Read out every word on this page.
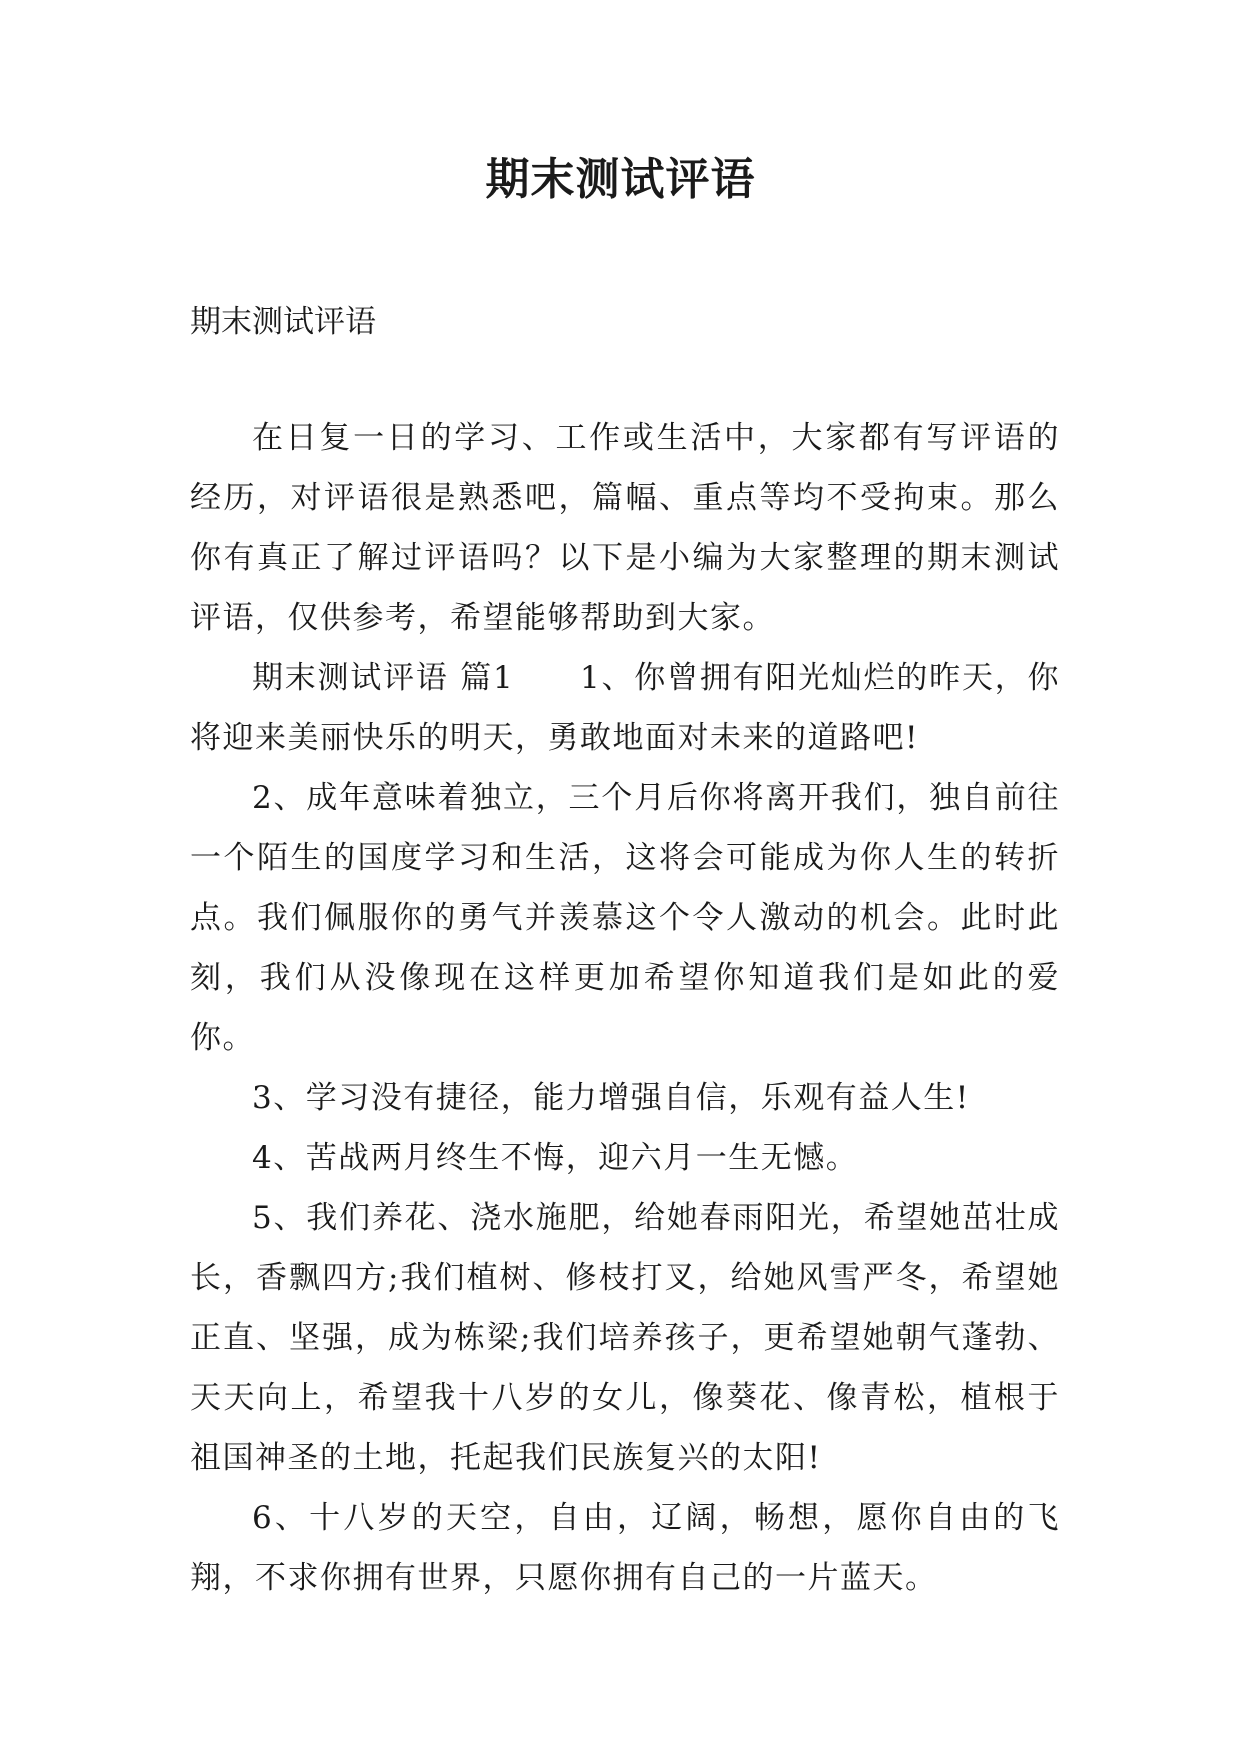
期末测试评语

期末测试评语

在日复一日的学习、工作或生活中，大家都有写评语的经历，对评语很是熟悉吧，篇幅、重点等均不受拘束。那么你有真正了解过评语吗？以下是小编为大家整理的期末测试评语，仅供参考，希望能够帮助到大家。

期末测试评语 篇1　　1、你曾拥有阳光灿烂的昨天，你将迎来美丽快乐的明天，勇敢地面对未来的道路吧!

2、成年意味着独立，三个月后你将离开我们，独自前往一个陌生的国度学习和生活，这将会可能成为你人生的转折点。我们佩服你的勇气并羡慕这个令人激动的机会。此时此刻，我们从没像现在这样更加希望你知道我们是如此的爱你。

3、学习没有捷径，能力增强自信，乐观有益人生!

4、苦战两月终生不悔，迎六月一生无憾。

5、我们养花、浇水施肥，给她春雨阳光，希望她茁壮成长，香飘四方;我们植树、修枝打叉，给她风雪严冬，希望她正直、坚强，成为栋梁;我们培养孩子，更希望她朝气蓬勃、天天向上，希望我十八岁的女儿，像葵花、像青松，植根于祖国神圣的土地，托起我们民族复兴的太阳!

6、十八岁的天空，自由，辽阔，畅想，愿你自由的飞翔，不求你拥有世界，只愿你拥有自己的一片蓝天。
